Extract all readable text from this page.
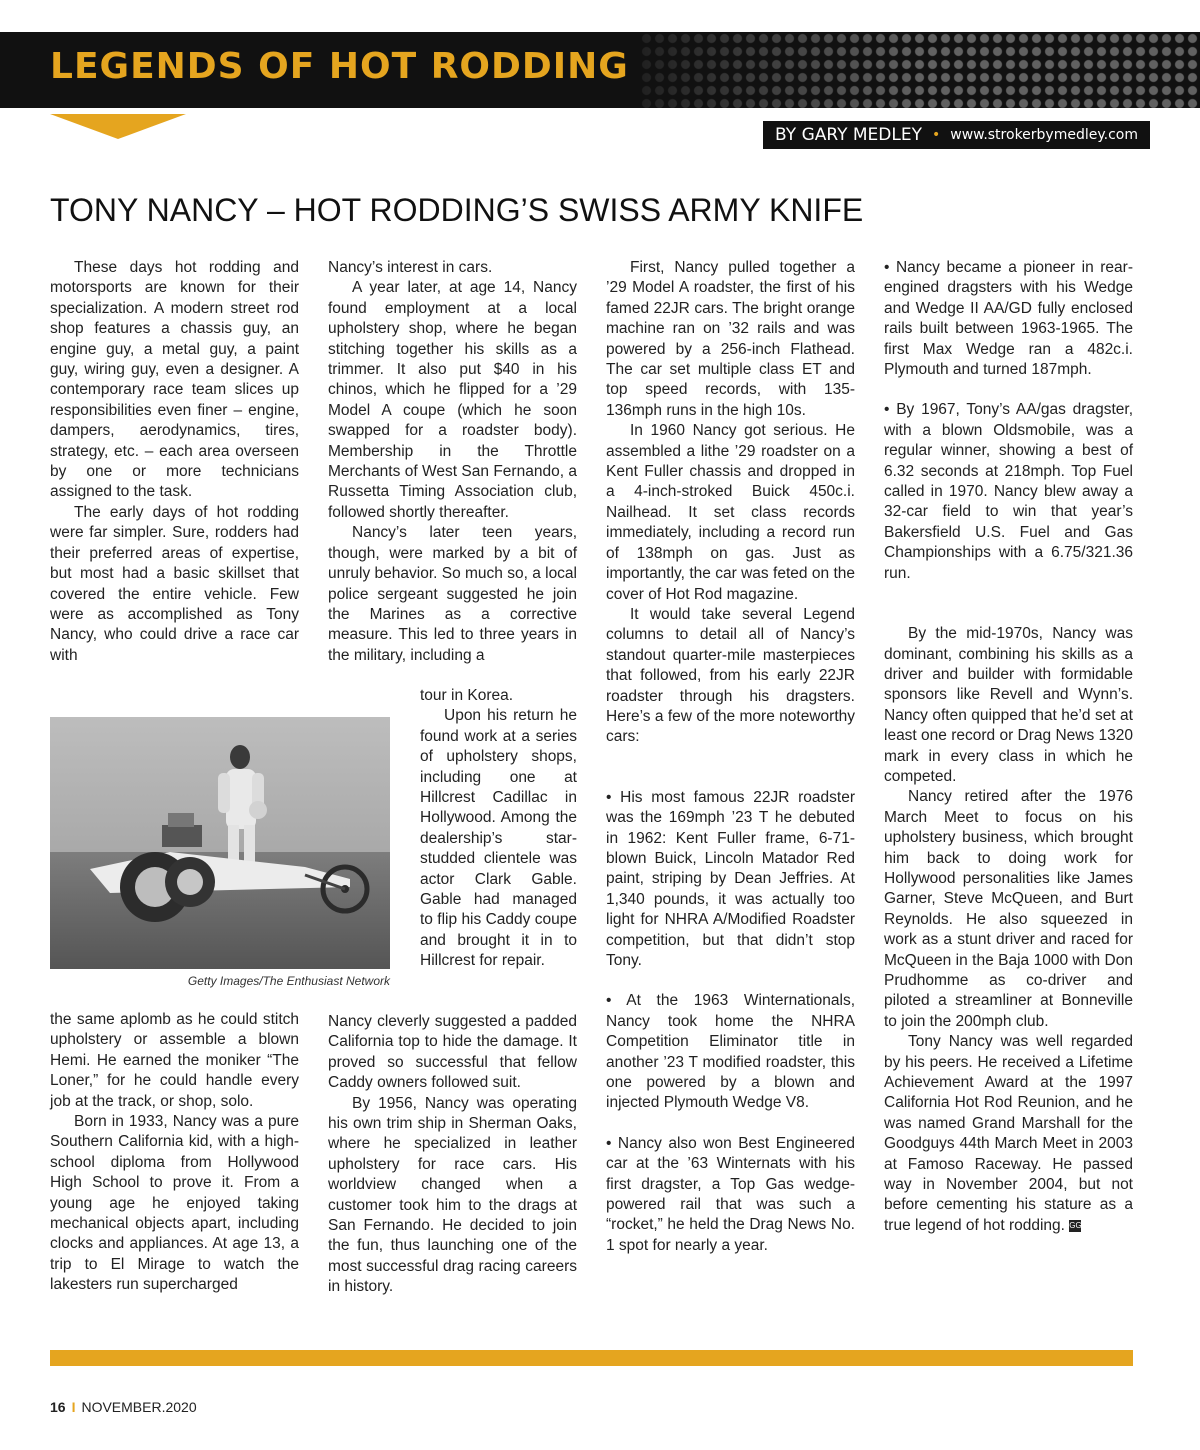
LEGENDS OF HOT RODDING
BY GARY MEDLEY • www.strokerbymedley.com
TONY NANCY – HOT RODDING’S SWISS ARMY KNIFE

These days hot rodding and motorsports are known for their specialization. A modern street rod shop features a chassis guy, an engine guy, a metal guy, a paint guy, wiring guy, even a designer. A contemporary race team slices up responsibilities even finer – engine, dampers, aerodynamics, tires, strategy, etc. – each area overseen by one or more technicians assigned to the task.

The early days of hot rodding were far simpler. Sure, rodders had their preferred areas of expertise, but most had a basic skillset that covered the entire vehicle. Few were as accomplished as Tony Nancy, who could drive a race car with

Getty Images/The Enthusiast Network

the same aplomb as he could stitch upholstery or assemble a blown Hemi. He earned the moniker “The Loner,” for he could handle every job at the track, or shop, solo.

Born in 1933, Nancy was a pure Southern California kid, with a high-school diploma from Hollywood High School to prove it. From a young age he enjoyed taking mechanical objects apart, including clocks and appliances. At age 13, a trip to El Mirage to watch the lakesters run supercharged

Nancy’s interest in cars.

A year later, at age 14, Nancy found employment at a local upholstery shop, where he began stitching together his skills as a trimmer. It also put $40 in his chinos, which he flipped for a ’29 Model A coupe (which he soon swapped for a roadster body). Membership in the Throttle Merchants of West San Fernando, a Russetta Timing Association club, followed shortly thereafter.

Nancy’s later teen years, though, were marked by a bit of unruly behavior. So much so, a local police sergeant suggested he join the Marines as a corrective measure. This led to three years in the military, including a

tour in Korea.

Upon his return he found work at a series of upholstery shops, including one at Hillcrest Cadillac in Hollywood. Among the dealership’s star-studded clientele was actor Clark Gable. Gable had managed to flip his Caddy coupe and brought it in to Hillcrest for repair.

Nancy cleverly suggested a padded California top to hide the damage. It proved so successful that fellow Caddy owners followed suit.

By 1956, Nancy was operating his own trim ship in Sherman Oaks, where he specialized in leather upholstery for race cars. His worldview changed when a customer took him to the drags at San Fernando. He decided to join the fun, thus launching one of the most successful drag racing careers in history.

First, Nancy pulled together a ’29 Model A roadster, the first of his famed 22JR cars. The bright orange machine ran on ’32 rails and was powered by a 256-inch Flathead. The car set multiple class ET and top speed records, with 135-136mph runs in the high 10s.

In 1960 Nancy got serious. He assembled a lithe ’29 roadster on a Kent Fuller chassis and dropped in a 4-inch-stroked Buick 450c.i. Nailhead. It set class records immediately, including a record run of 138mph on gas. Just as importantly, the car was feted on the cover of Hot Rod magazine.

It would take several Legend columns to detail all of Nancy’s standout quarter-mile masterpieces that followed, from his early 22JR roadster through his dragsters. Here’s a few of the more noteworthy cars:

• His most famous 22JR roadster was the 169mph ’23 T he debuted in 1962: Kent Fuller frame, 6-71-blown Buick, Lincoln Matador Red paint, striping by Dean Jeffries. At 1,340 pounds, it was actually too light for NHRA A/Modified Roadster competition, but that didn’t stop Tony.

• At the 1963 Winternationals, Nancy took home the NHRA Competition Eliminator title in another ’23 T modified roadster, this one powered by a blown and injected Plymouth Wedge V8.

• Nancy also won Best Engineered car at the ’63 Winternats with his first dragster, a Top Gas wedge-powered rail that was such a “rocket,” he held the Drag News No. 1 spot for nearly a year.

• Nancy became a pioneer in rear-engined dragsters with his Wedge and Wedge II AA/GD fully enclosed rails built between 1963-1965. The first Max Wedge ran a 482c.i. Plymouth and turned 187mph.

• By 1967, Tony’s AA/gas dragster, with a blown Oldsmobile, was a regular winner, showing a best of 6.32 seconds at 218mph. Top Fuel called in 1970. Nancy blew away a 32-car field to win that year’s Bakersfield U.S. Fuel and Gas Championships with a 6.75/321.36 run.

By the mid-1970s, Nancy was dominant, combining his skills as a driver and builder with formidable sponsors like Revell and Wynn’s. Nancy often quipped that he’d set at least one record or Drag News 1320 mark in every class in which he competed.

Nancy retired after the 1976 March Meet to focus on his upholstery business, which brought him back to doing work for Hollywood personalities like James Garner, Steve McQueen, and Burt Reynolds. He also squeezed in work as a stunt driver and raced for McQueen in the Baja 1000 with Don Prudhomme as co-driver and piloted a streamliner at Bonneville to join the 200mph club.

Tony Nancy was well regarded by his peers. He received a Lifetime Achievement Award at the 1997 California Hot Rod Reunion, and he was named Grand Marshall for the Goodguys 44th March Meet in 2003 at Famoso Raceway. He passed way in November 2004, but not before cementing his stature as a true legend of hot rodding. GG

16 I NOVEMBER.2020
